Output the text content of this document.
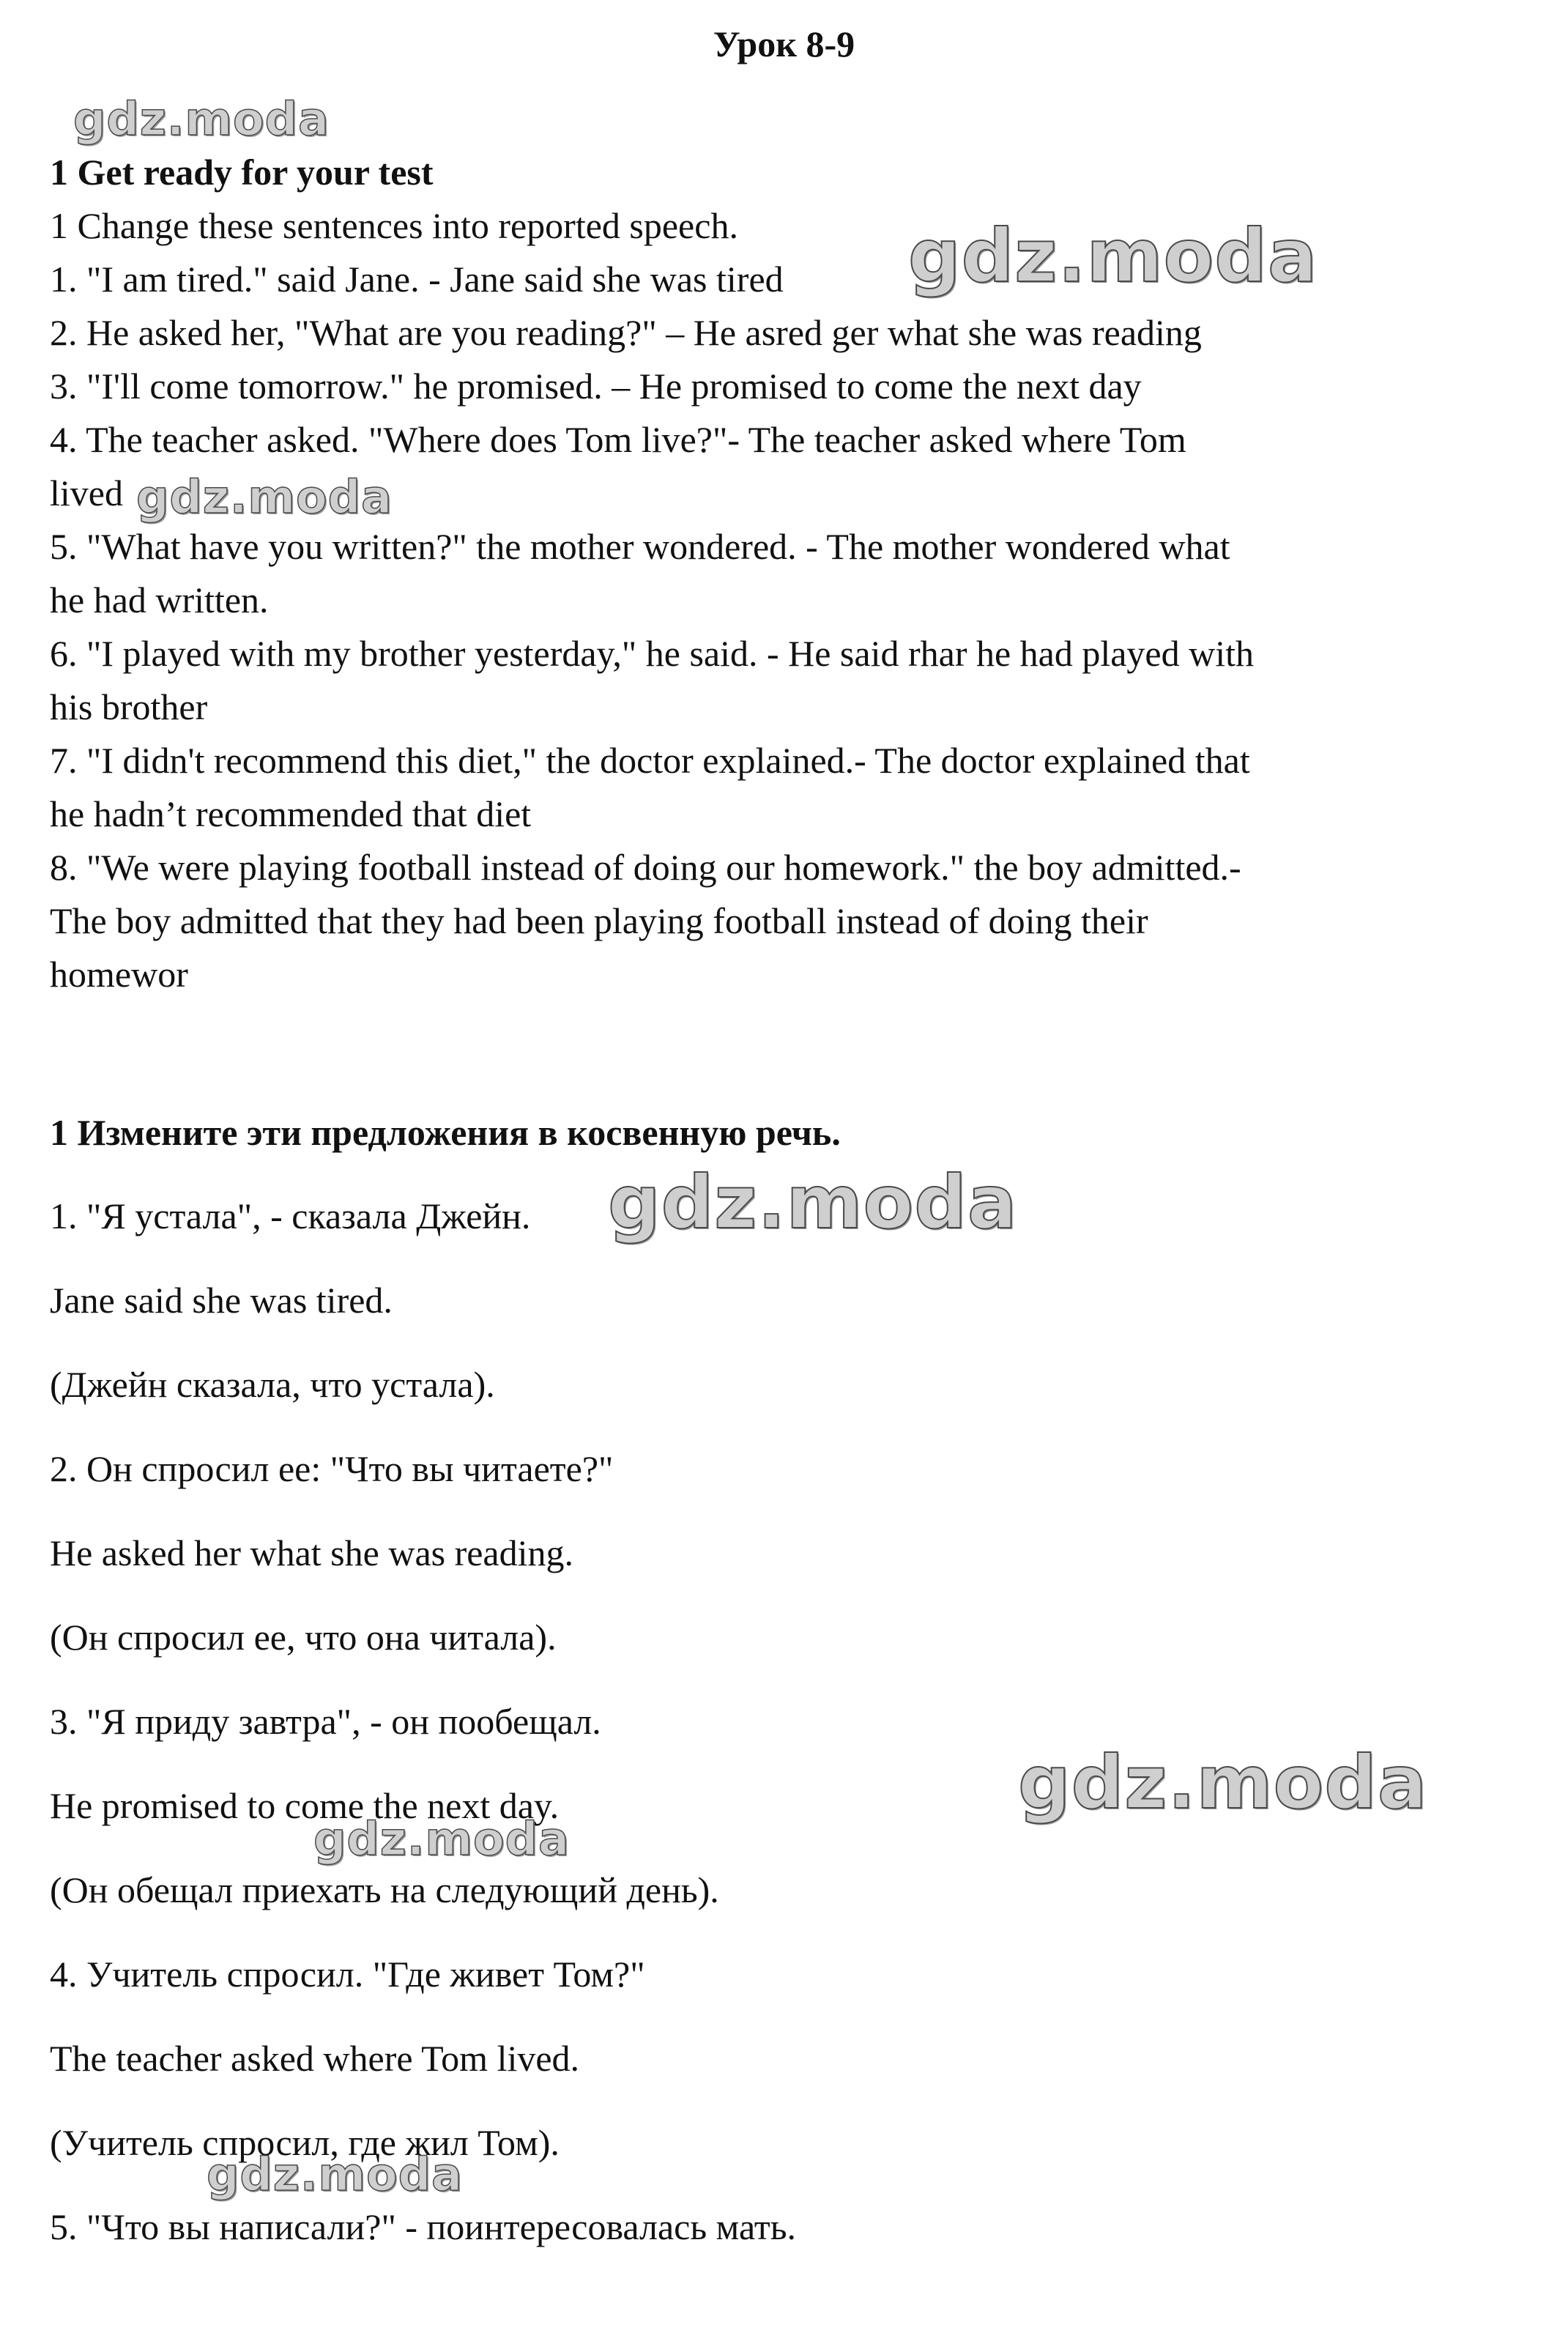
Урок 8-9
gdz.moda
gdz.moda
gdz.moda
gdz.moda
gdz.moda
gdz.moda
gdz.moda
1 Get ready for your test
1 Change these sentences into reported speech.
1. "I am tired." said Jane. - Jane said she was tired
2. He asked her, "What are you reading?" – He asred ger what she was reading
3. "I'll come tomorrow." he promised. – He promised to come the next day
4. The teacher asked. "Where does Tom live?"- The teacher asked where Tom
lived
5. "What have you written?" the mother wondered. - The mother wondered what
he had written.
6. "I played with my brother yesterday," he said. - He said rhar he had played with
his brother
7. "I didn't recommend this diet," the doctor explained.- The doctor explained that
he hadn’t recommended that diet
8. "We were playing football instead of doing our homework." the boy admitted.-
The boy admitted that they had been playing football instead of doing their
homewor
1 Измените эти предложения в косвенную речь.
1. "Я устала", - сказала Джейн.
Jane said she was tired.
(Джейн сказала, что устала).
2. Он спросил ее: "Что вы читаете?"
He asked her what she was reading.
(Он спросил ее, что она читала).
3. "Я приду завтра", - он пообещал.
He promised to come the next day.
(Он обещал приехать на следующий день).
4. Учитель спросил. "Где живет Том?"
The teacher asked where Tom lived.
(Учитель спросил, где жил Том).
5. "Что вы написали?" - поинтересовалась мать.
